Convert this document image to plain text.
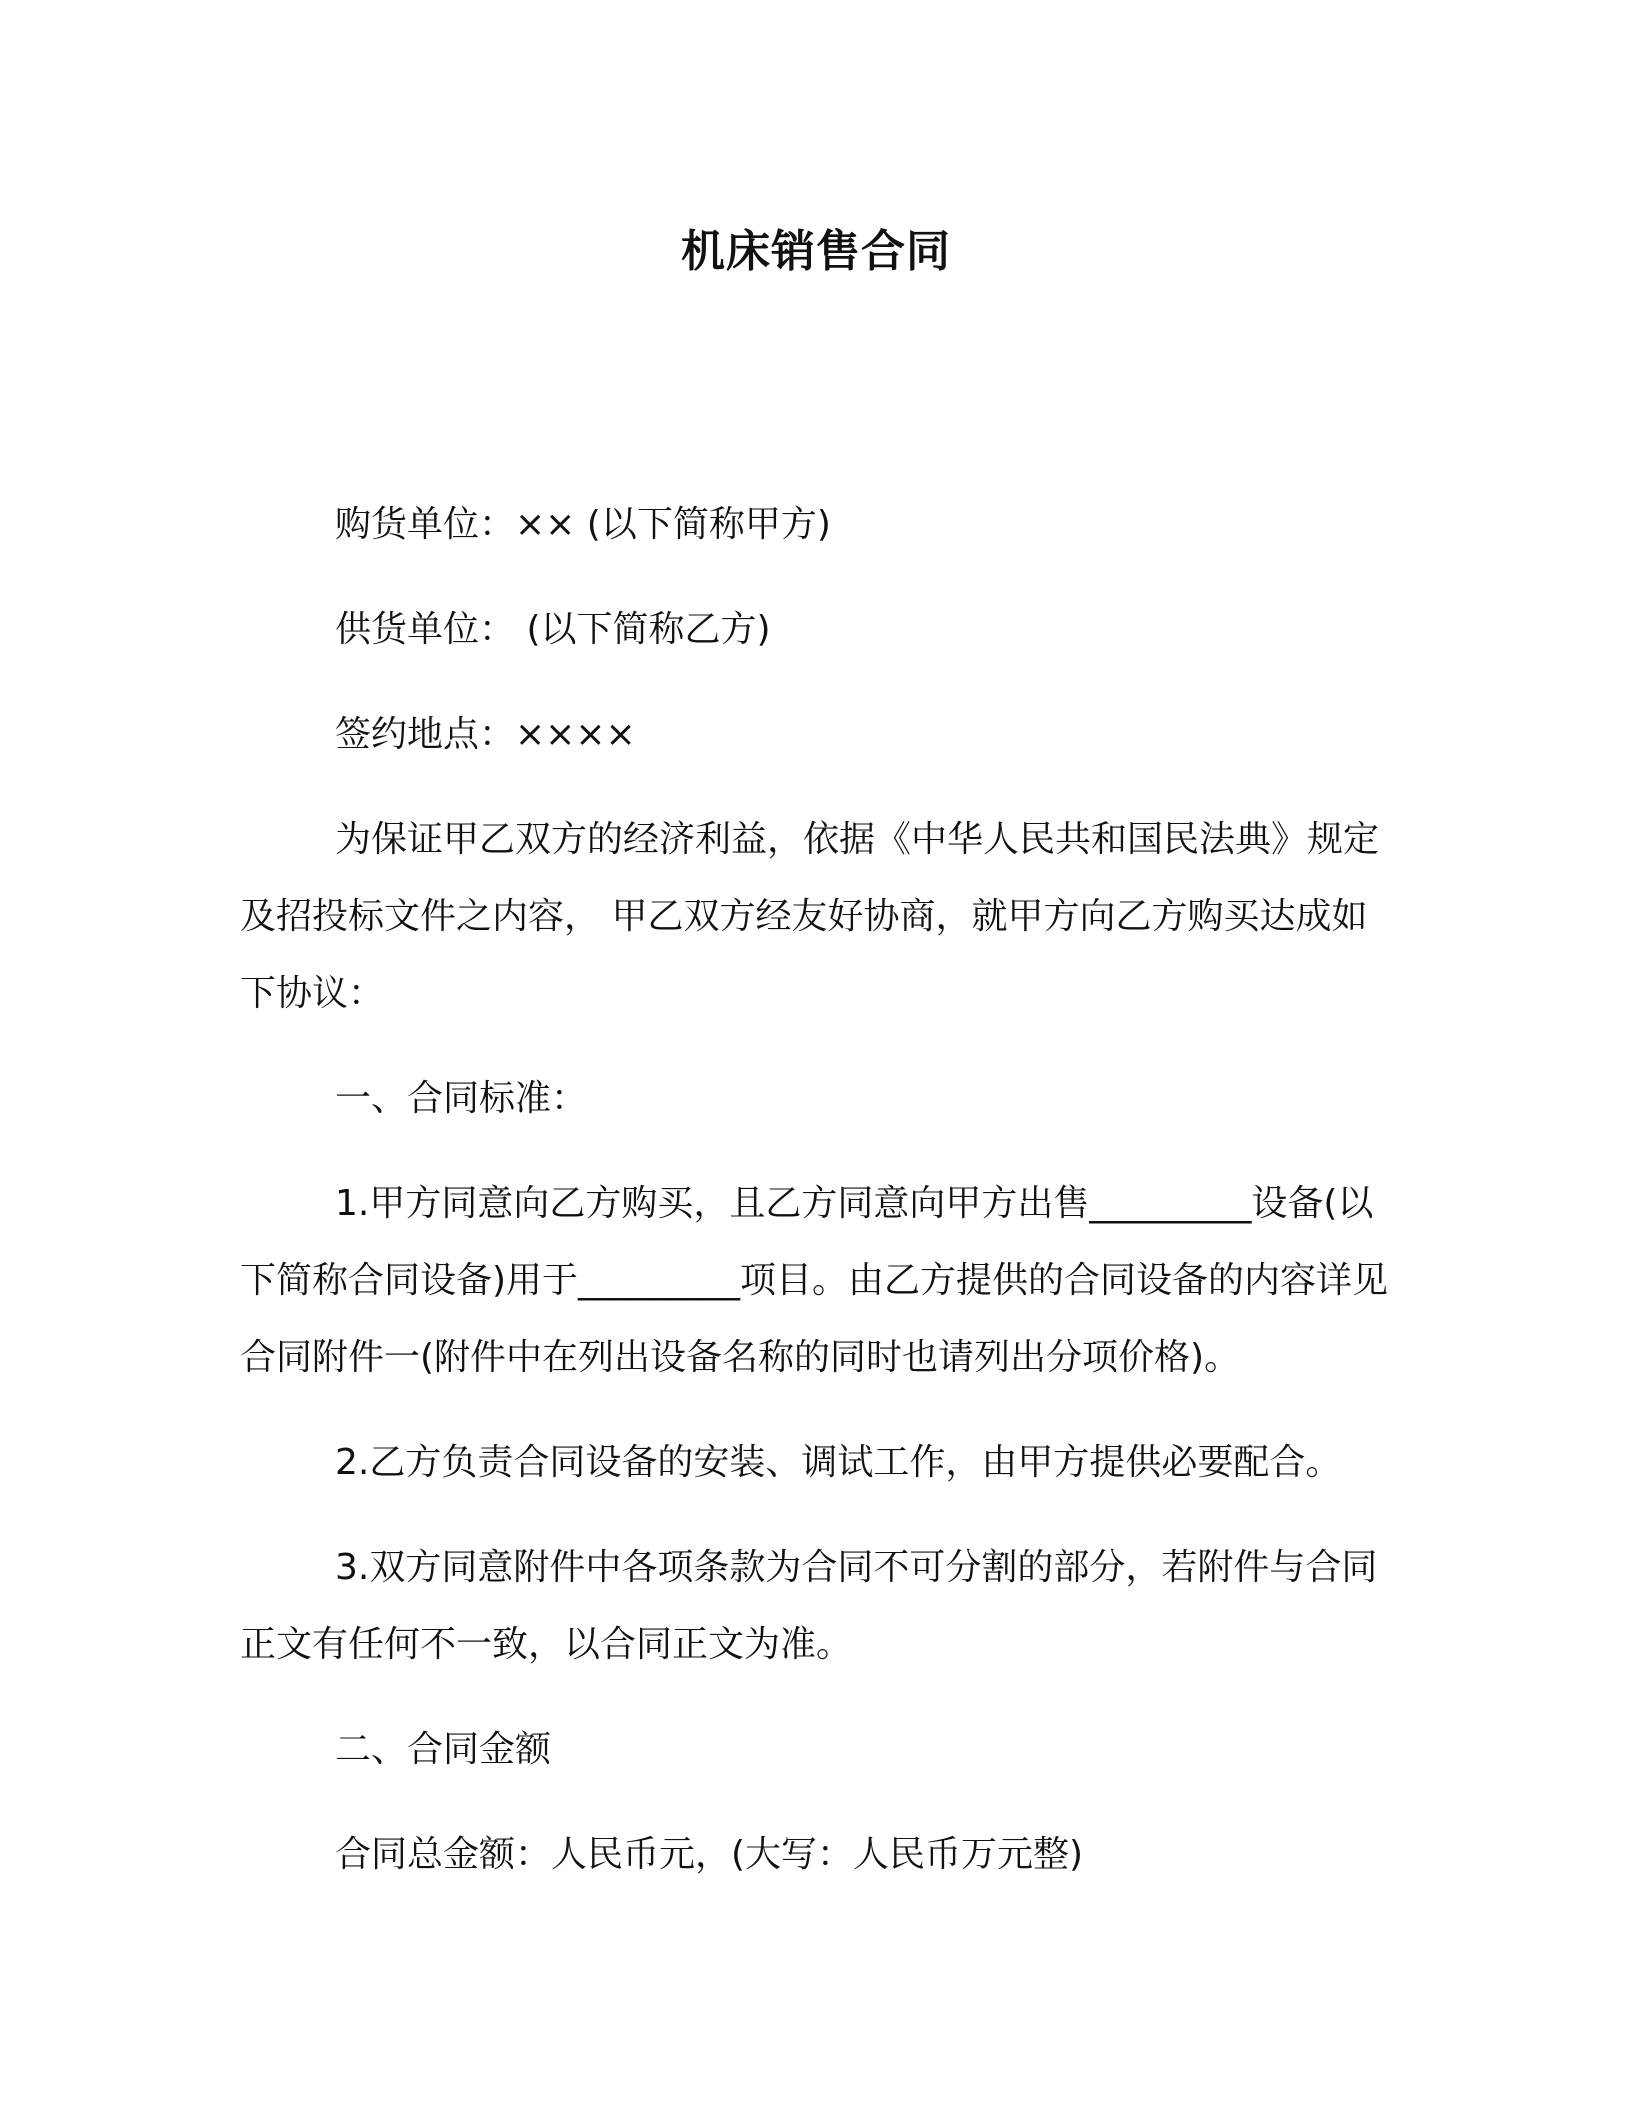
机床销售合同

购货单位：×× (以下简称甲方)

供货单位： (以下简称乙方)

签约地点：××××

为保证甲乙双方的经济利益，依据《中华人民共和国民法典》规定及招投标文件之内容， 甲乙双方经友好协商，就甲方向乙方购买达成如下协议：

一、合同标准：

1.甲方同意向乙方购买，且乙方同意向甲方出售_________设备(以下简称合同设备)用于_________项目。由乙方提供的合同设备的内容详见合同附件一(附件中在列出设备名称的同时也请列出分项价格)。

2.乙方负责合同设备的安装、调试工作，由甲方提供必要配合。

3.双方同意附件中各项条款为合同不可分割的部分，若附件与合同正文有任何不一致，以合同正文为准。

二、合同金额

合同总金额：人民币元，(大写：人民币万元整)
